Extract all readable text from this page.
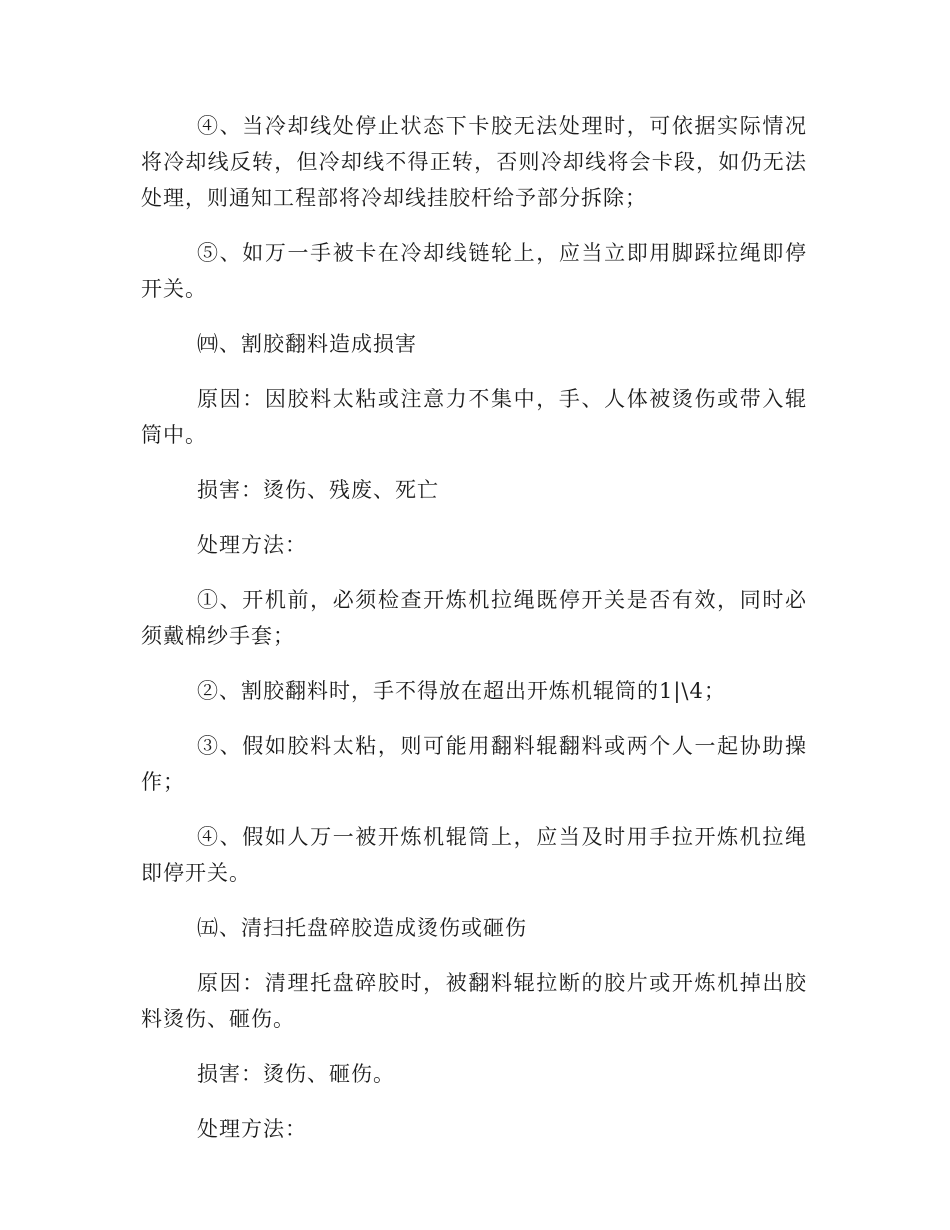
④、当冷却线处停止状态下卡胶无法处理时，可依据实际情况将冷却线反转，但冷却线不得正转，否则冷却线将会卡段，如仍无法处理，则通知工程部将冷却线挂胶杆给予部分拆除；

⑤、如万一手被卡在冷却线链轮上，应当立即用脚踩拉绳即停开关。

㈣、割胶翻料造成损害

原因：因胶料太粘或注意力不集中，手、人体被烫伤或带入辊筒中。

损害：烫伤、残废、死亡

处理方法：

①、开机前，必须检查开炼机拉绳既停开关是否有效，同时必须戴棉纱手套；

②、割胶翻料时，手不得放在超出开炼机辊筒的1|\4；

③、假如胶料太粘，则可能用翻料辊翻料或两个人一起协助操作；

④、假如人万一被开炼机辊筒上，应当及时用手拉开炼机拉绳即停开关。

㈤、清扫托盘碎胶造成烫伤或砸伤

原因：清理托盘碎胶时，被翻料辊拉断的胶片或开炼机掉出胶料烫伤、砸伤。

损害：烫伤、砸伤。

处理方法：
